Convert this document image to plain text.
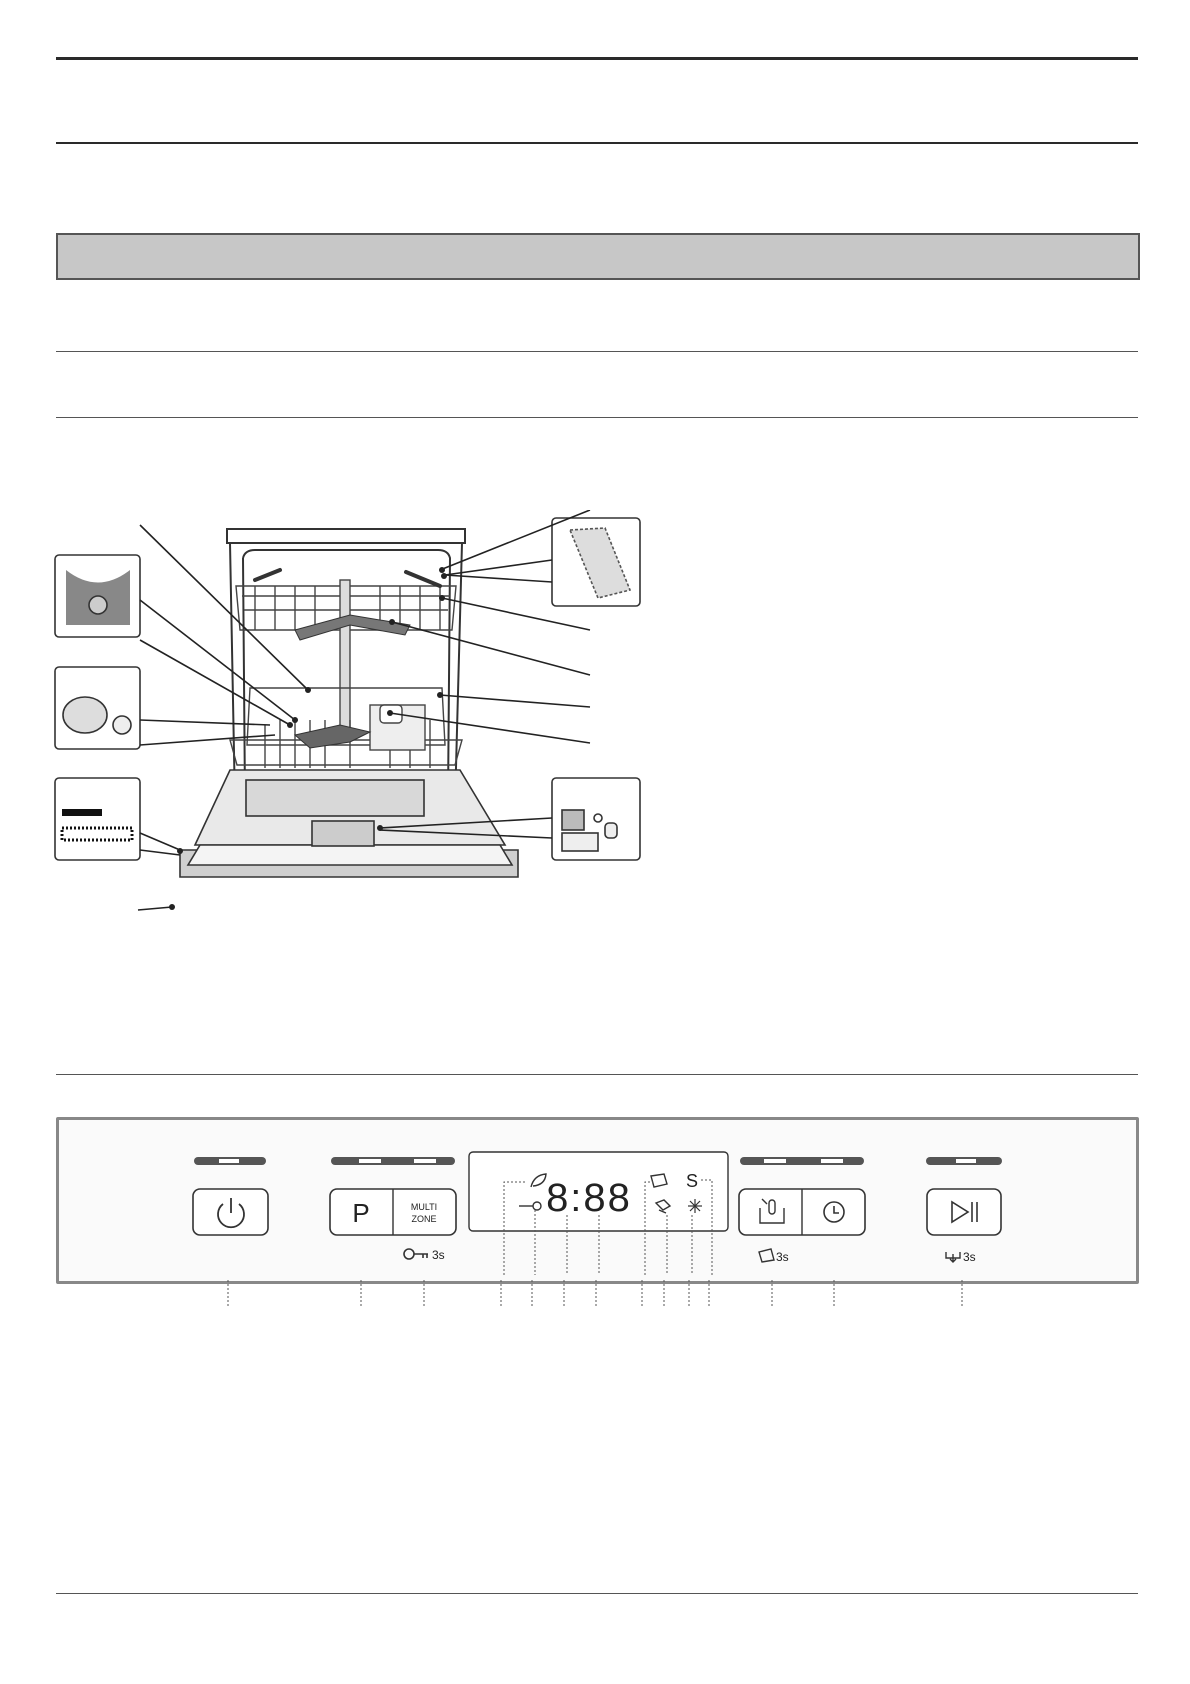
P	MULTI
ZONE
3s
8:88	S
3s	3s
